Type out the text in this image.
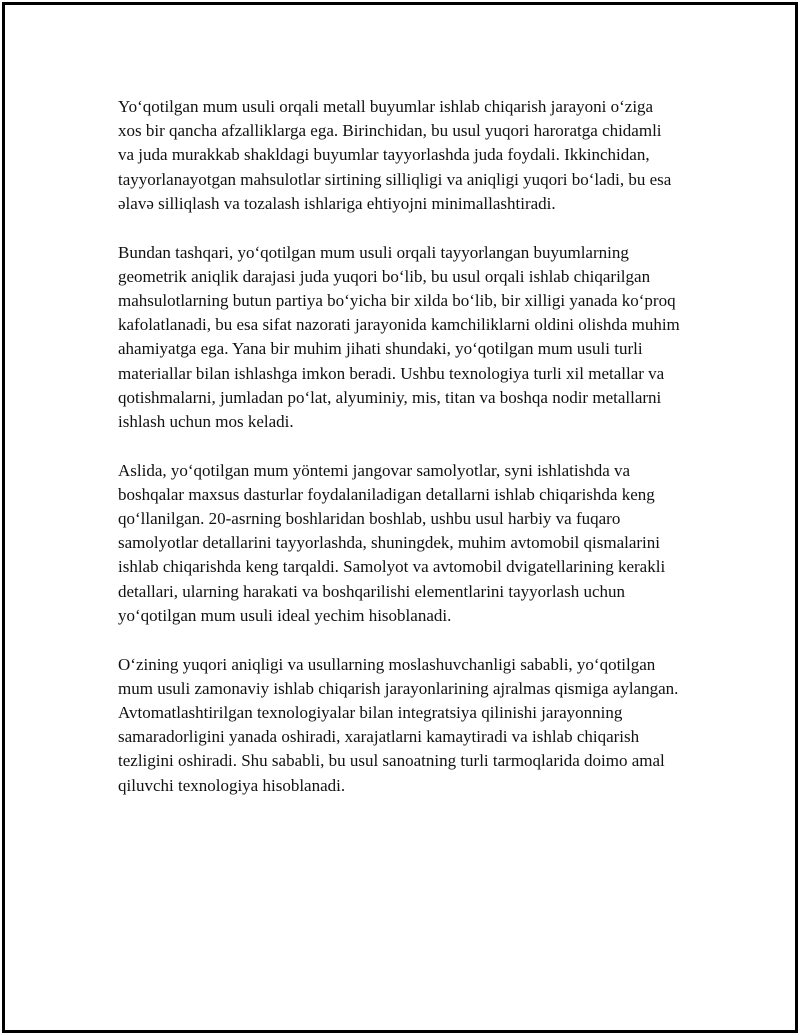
Yo‘qotilgan mum usuli orqali metall buyumlar ishlab chiqarish jarayoni o‘ziga xos bir qancha afzalliklarga ega. Birinchidan, bu usul yuqori haroratga chidamli va juda murakkab shakldagi buyumlar tayyorlashda juda foydali. Ikkinchidan, tayyorlanayotgan mahsulotlar sirtining silliqligi va aniqligi yuqori bo‘ladi, bu esa əlavə silliqlash va tozalash ishlariga ehtiyojni minimallashtiradi.

Bundan tashqari, yo‘qotilgan mum usuli orqali tayyorlangan buyumlarning geometrik aniqlik darajasi juda yuqori bo‘lib, bu usul orqali ishlab chiqarilgan mahsulotlarning butun partiya bo‘yicha bir xilda bo‘lib, bir xilligi yanada ko‘proq kafolatlanadi, bu esa sifat nazorati jarayonida kamchiliklarni oldini olishda muhim ahamiyatga ega. Yana bir muhim jihati shundaki, yo‘qotilgan mum usuli turli materiallar bilan ishlashga imkon beradi. Ushbu texnologiya turli xil metallar va qotishmalarni, jumladan po‘lat, alyuminiy, mis, titan va boshqa nodir metallarni ishlash uchun mos keladi.

Aslida, yo‘qotilgan mum yöntemi jangovar samolyotlar, syni ishlatishda va boshqalar maxsus dasturlar foydalaniladigan detallarni ishlab chiqarishda keng qo‘llanilgan. 20-asrning boshlaridan boshlab, ushbu usul harbiy va fuqaro samolyotlar detallarini tayyorlashda, shuningdek, muhim avtomobil qismalarini ishlab chiqarishda keng tarqaldi. Samolyot va avtomobil dvigatellarining kerakli detallari, ularning harakati va boshqarilishi elementlarini tayyorlash uchun yo‘qotilgan mum usuli ideal yechim hisoblanadi.

O‘zining yuqori aniqligi va usullarning moslashuvchanligi sababli, yo‘qotilgan mum usuli zamonaviy ishlab chiqarish jarayonlarining ajralmas qismiga aylangan. Avtomatlashtirilgan texnologiyalar bilan integratsiya qilinishi jarayonning samaradorligini yanada oshiradi, xarajatlarni kamaytiradi va ishlab chiqarish tezligini oshiradi. Shu sababli, bu usul sanoatning turli tarmoqlarida doimo amal qiluvchi texnologiya hisoblanadi.
